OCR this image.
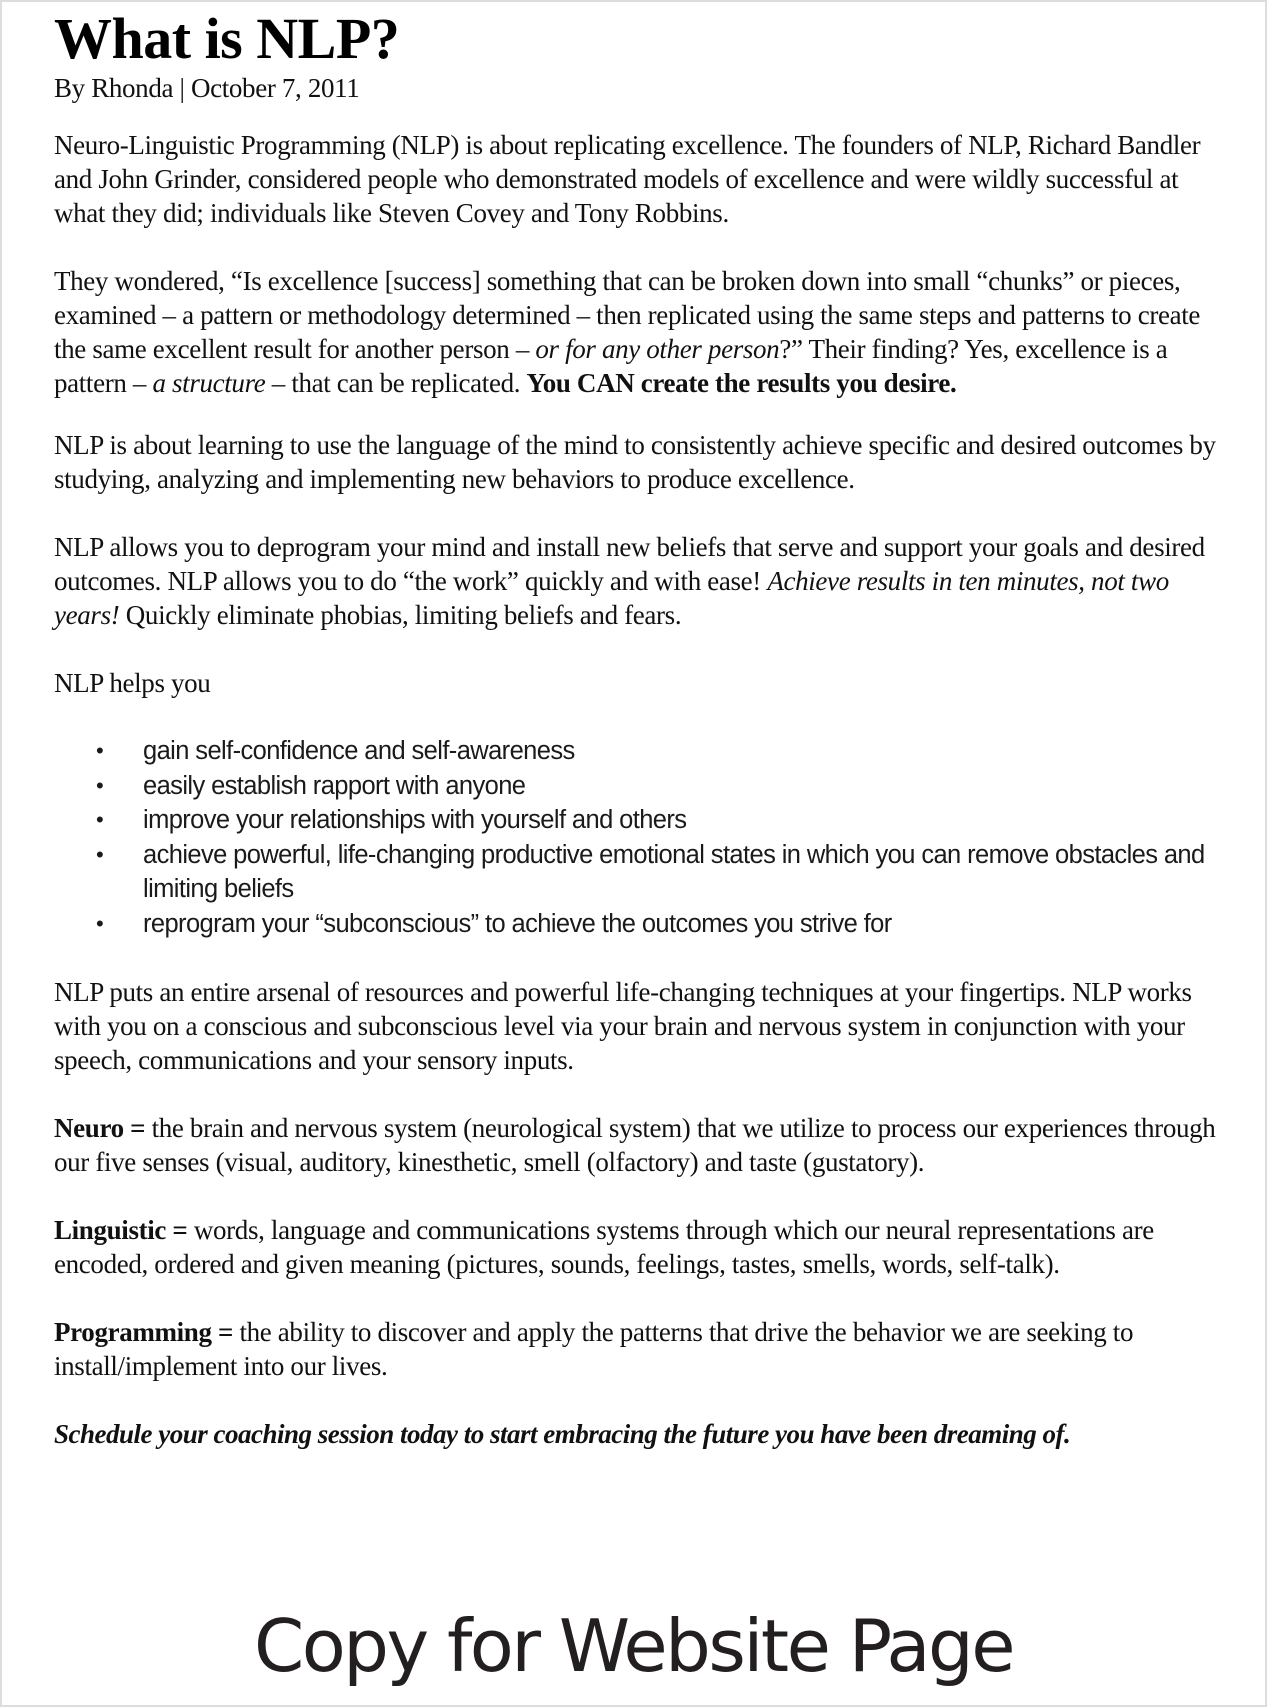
What is NLP?
By Rhonda | October 7, 2011

Neuro-Linguistic Programming (NLP) is about replicating excellence. The founders of NLP, Richard Bandler and John Grinder, considered people who demonstrated models of excellence and were wildly successful at what they did; individuals like Steven Covey and Tony Robbins.

They wondered, “Is excellence [success] something that can be broken down into small “chunks” or pieces, examined – a pattern or methodology determined – then replicated using the same steps and patterns to create the same excellent result for another person – or for any other person?” Their finding? Yes, excellence is a pattern – a structure – that can be replicated. You CAN create the results you desire.

NLP is about learning to use the language of the mind to consistently achieve specific and desired outcomes by studying, analyzing and implementing new behaviors to produce excellence.

NLP allows you to deprogram your mind and install new beliefs that serve and support your goals and desired outcomes. NLP allows you to do “the work” quickly and with ease! Achieve results in ten minutes, not two years! Quickly eliminate phobias, limiting beliefs and fears.

NLP helps you

• gain self-confidence and self-awareness
• easily establish rapport with anyone
• improve your relationships with yourself and others
• achieve powerful, life-changing productive emotional states in which you can remove obstacles and limiting beliefs
• reprogram your “subconscious” to achieve the outcomes you strive for

NLP puts an entire arsenal of resources and powerful life-changing techniques at your fingertips. NLP works with you on a conscious and subconscious level via your brain and nervous system in conjunction with your speech, communications and your sensory inputs.

Neuro = the brain and nervous system (neurological system) that we utilize to process our experiences through our five senses (visual, auditory, kinesthetic, smell (olfactory) and taste (gustatory).

Linguistic = words, language and communications systems through which our neural representations are encoded, ordered and given meaning (pictures, sounds, feelings, tastes, smells, words, self-talk).

Programming = the ability to discover and apply the patterns that drive the behavior we are seeking to install/implement into our lives.

Schedule your coaching session today to start embracing the future you have been dreaming of.

Copy for Website Page
